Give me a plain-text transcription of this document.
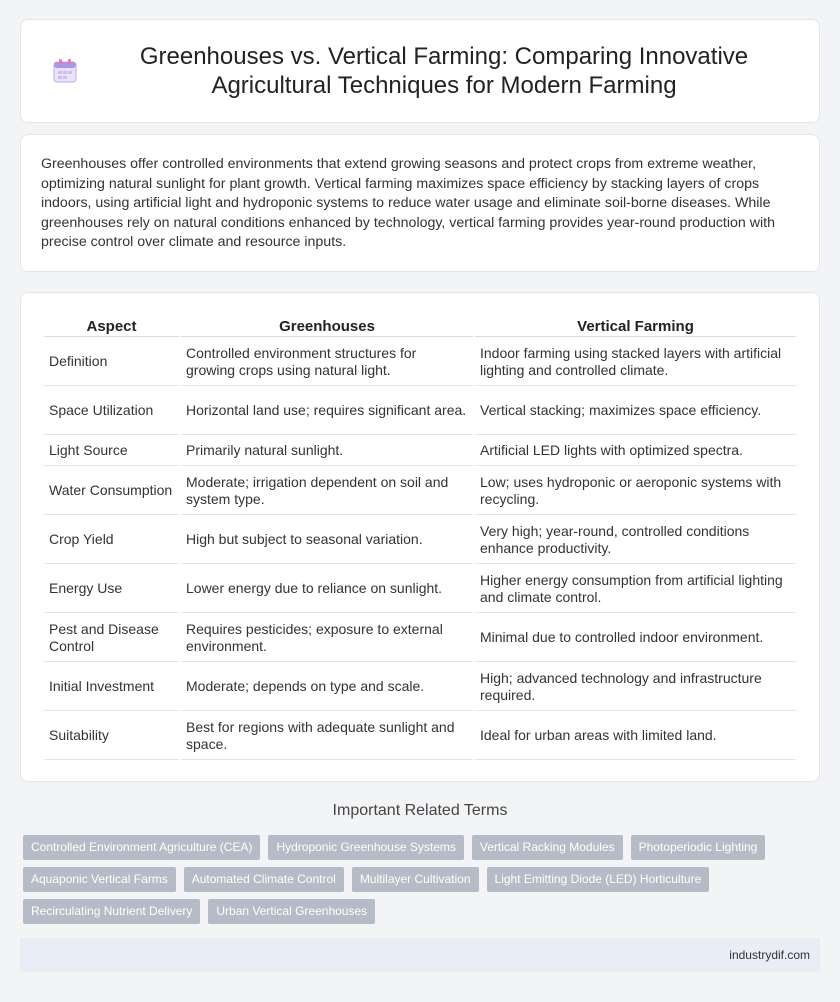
Greenhouses vs. Vertical Farming: Comparing Innovative Agricultural Techniques for Modern Farming

Greenhouses offer controlled environments that extend growing seasons and protect crops from extreme weather, optimizing natural sunlight for plant growth. Vertical farming maximizes space efficiency by stacking layers of crops indoors, using artificial light and hydroponic systems to reduce water usage and eliminate soil-borne diseases. While greenhouses rely on natural conditions enhanced by technology, vertical farming provides year-round production with precise control over climate and resource inputs.

Aspect	Greenhouses	Vertical Farming
Definition	Controlled environment structures for growing crops using natural light.	Indoor farming using stacked layers with artificial lighting and controlled climate.
Space Utilization	Horizontal land use; requires significant area.	Vertical stacking; maximizes space efficiency.
Light Source	Primarily natural sunlight.	Artificial LED lights with optimized spectra.
Water Consumption	Moderate; irrigation dependent on soil and system type.	Low; uses hydroponic or aeroponic systems with recycling.
Crop Yield	High but subject to seasonal variation.	Very high; year-round, controlled conditions enhance productivity.
Energy Use	Lower energy due to reliance on sunlight.	Higher energy consumption from artificial lighting and climate control.
Pest and Disease Control	Requires pesticides; exposure to external environment.	Minimal due to controlled indoor environment.
Initial Investment	Moderate; depends on type and scale.	High; advanced technology and infrastructure required.
Suitability	Best for regions with adequate sunlight and space.	Ideal for urban areas with limited land.
Important Related Terms
Controlled Environment Agriculture (CEA)	Hydroponic Greenhouse Systems	Vertical Racking Modules	Photoperiodic Lighting
Aquaponic Vertical Farms	Automated Climate Control	Multilayer Cultivation	Light Emitting Diode (LED) Horticulture
Recirculating Nutrient Delivery	Urban Vertical Greenhouses
industrydif.com
